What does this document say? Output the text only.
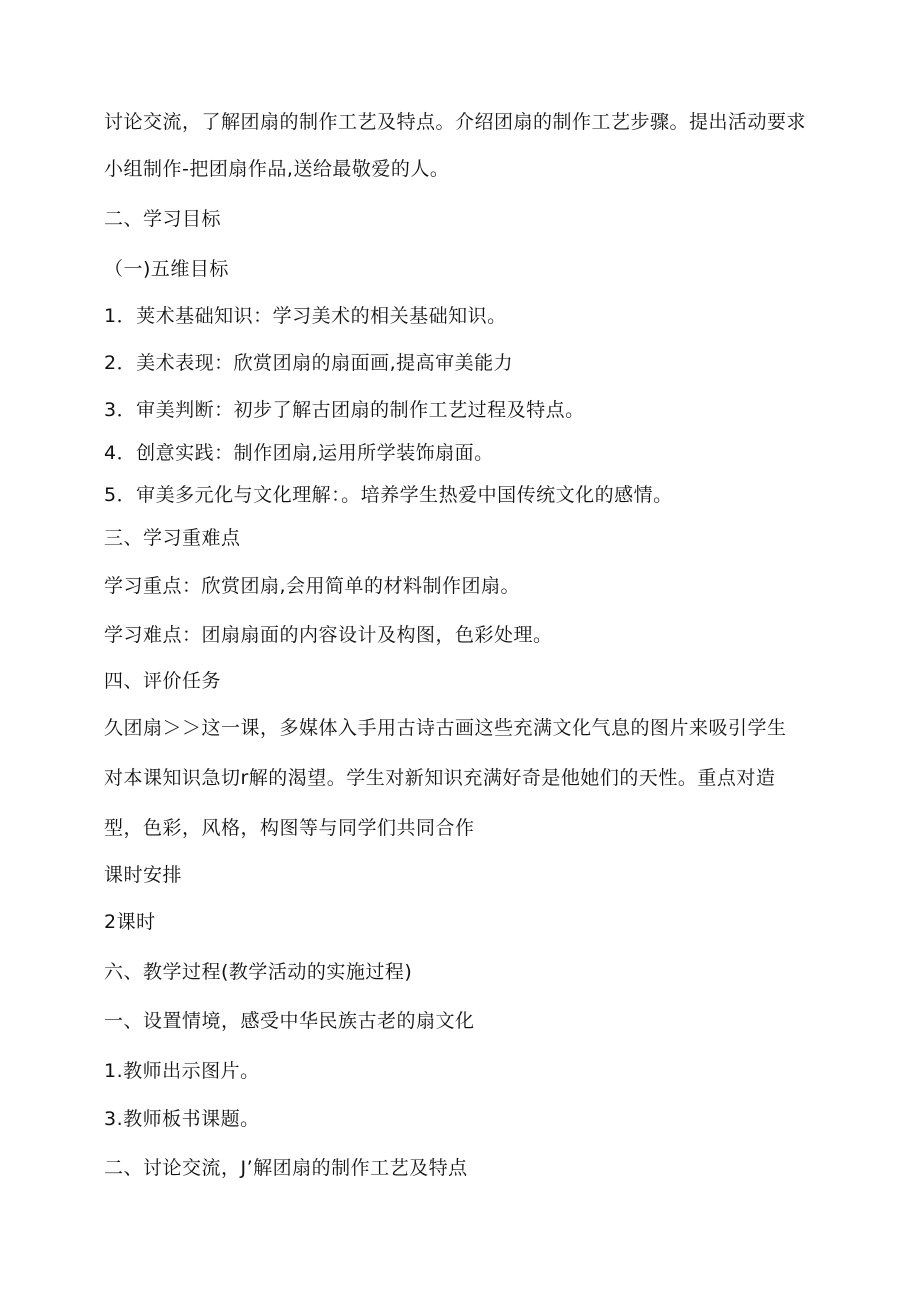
讨论交流，了解团扇的制作工艺及特点。介绍团扇的制作工艺步骤。提出活动要求
小组制作-把团扇作品,送给最敬爱的人。
二、学习目标
（一)五维目标
1．荚术基础知识：学习美术的相关基础知识。
2．美术表现：欣赏团扇的扇面画,提高审美能力
3．审美判断：初步了解古团扇的制作工艺过程及特点。
4．创意实践：制作团扇,运用所学装饰扇面。
5．审美多元化与文化理解：。培养学生热爱中国传统文化的感情。
三、学习重难点
学习重点：欣赏团扇,会用简单的材料制作团扇。
学习难点：团扇扇面的内容设计及构图，色彩处理。
四、评价任务
久团扇＞＞这一课，多媒体入手用古诗古画这些充满文化气息的图片来吸引学生
对本课知识急切r解的渴望。学生对新知识充满好奇是他她们的天性。重点对造
型，色彩，风格，构图等与同学们共同合作
课时安排
2课时
六、教学过程(教学活动的实施过程)
一、设置情境，感受中华民族古老的扇文化
1.教师出示图片。
3.教师板书课题。
二、讨论交流，J’解团扇的制作工艺及特点
